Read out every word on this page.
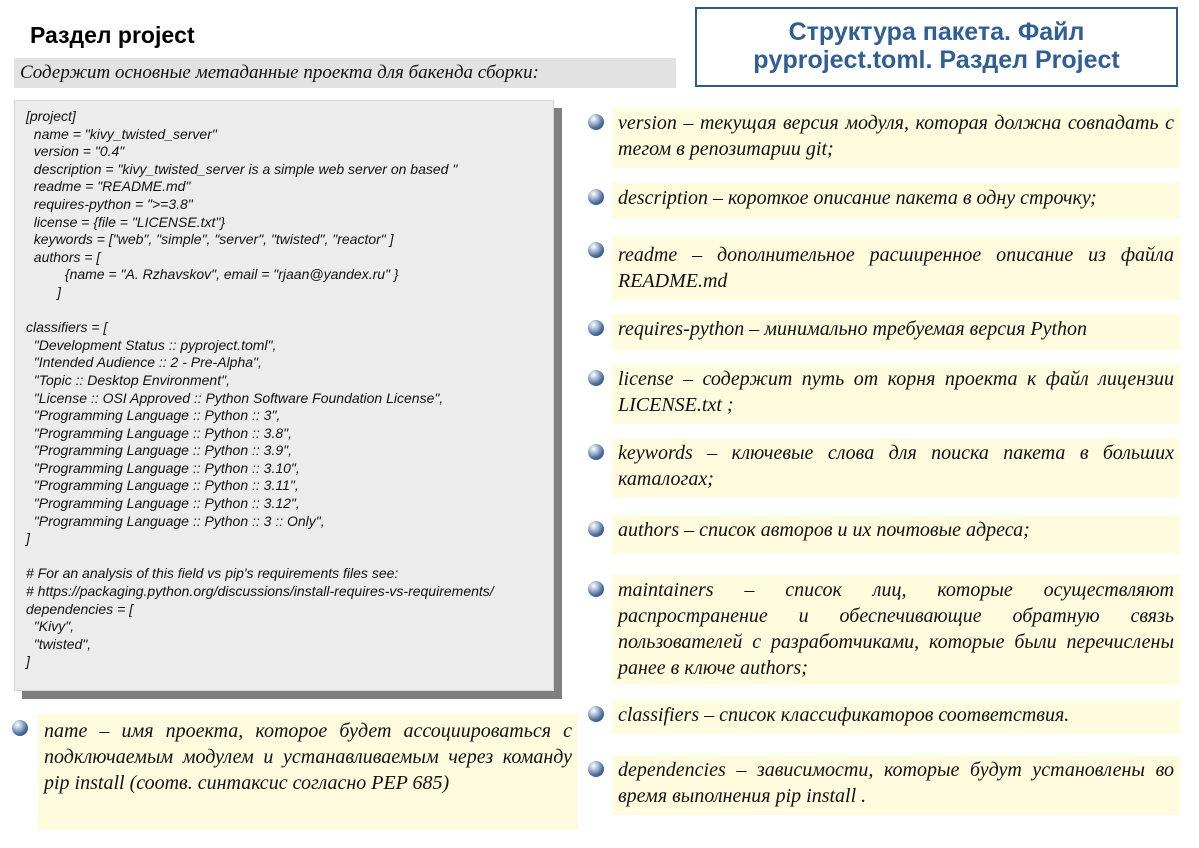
Раздел project
Содержит основные метаданные проекта для бакенда сборки:
Структура пакета. Файл
pyproject.toml. Раздел Project
[project]
name = "kivy_twisted_server"
version = "0.4"
description = "kivy_twisted_server is a simple web server on based "
readme = "README.md"
requires-python = ">=3.8"
license = {file = "LICENSE.txt"}
keywords = ["web", "simple", "server", "twisted", "reactor" ]
authors = [
{name = "A. Rzhavskov", email = "rjaan@yandex.ru" }
]
classifiers = [
"Development Status :: pyproject.toml",
"Intended Audience :: 2 - Pre-Alpha",
"Topic :: Desktop Environment",
"License :: OSI Approved :: Python Software Foundation License",
"Programming Language :: Python :: 3",
"Programming Language :: Python :: 3.8",
"Programming Language :: Python :: 3.9",
"Programming Language :: Python :: 3.10",
"Programming Language :: Python :: 3.11",
"Programming Language :: Python :: 3.12",
"Programming Language :: Python :: 3 :: Only",
]
# For an analysis of this field vs pip's requirements files see:
# https://packaging.python.org/discussions/install-requires-vs-requirements/
dependencies = [
"Kivy",
"twisted",
]
name – имя проекта, которое будет ассоциироваться с подключаемым модулем и устанавливаемым через команду pip install (соотв. синтаксис согласно PEP 685)
version – текущая версия модуля, которая должна совпадать с тегом в репозитарии git;
description – короткое описание пакета в одну строчку;
readme – дополнительное расширенное описание из файла README.md
requires-python – минимально требуемая версия Python
license – содержит путь от корня проекта к файл лицензии LICENSE.txt ;
keywords – ключевые слова для поиска пакета в больших каталогах;
authors – список авторов и их почтовые адреса;
maintainers – список лиц, которые осуществляют распространение и обеспечивающие обратную связь пользователей с разработчиками, которые были перечислены ранее в ключе authors;
classifiers – список классификаторов соответствия.
dependencies – зависимости, которые будут установлены во время выполнения pip install .
